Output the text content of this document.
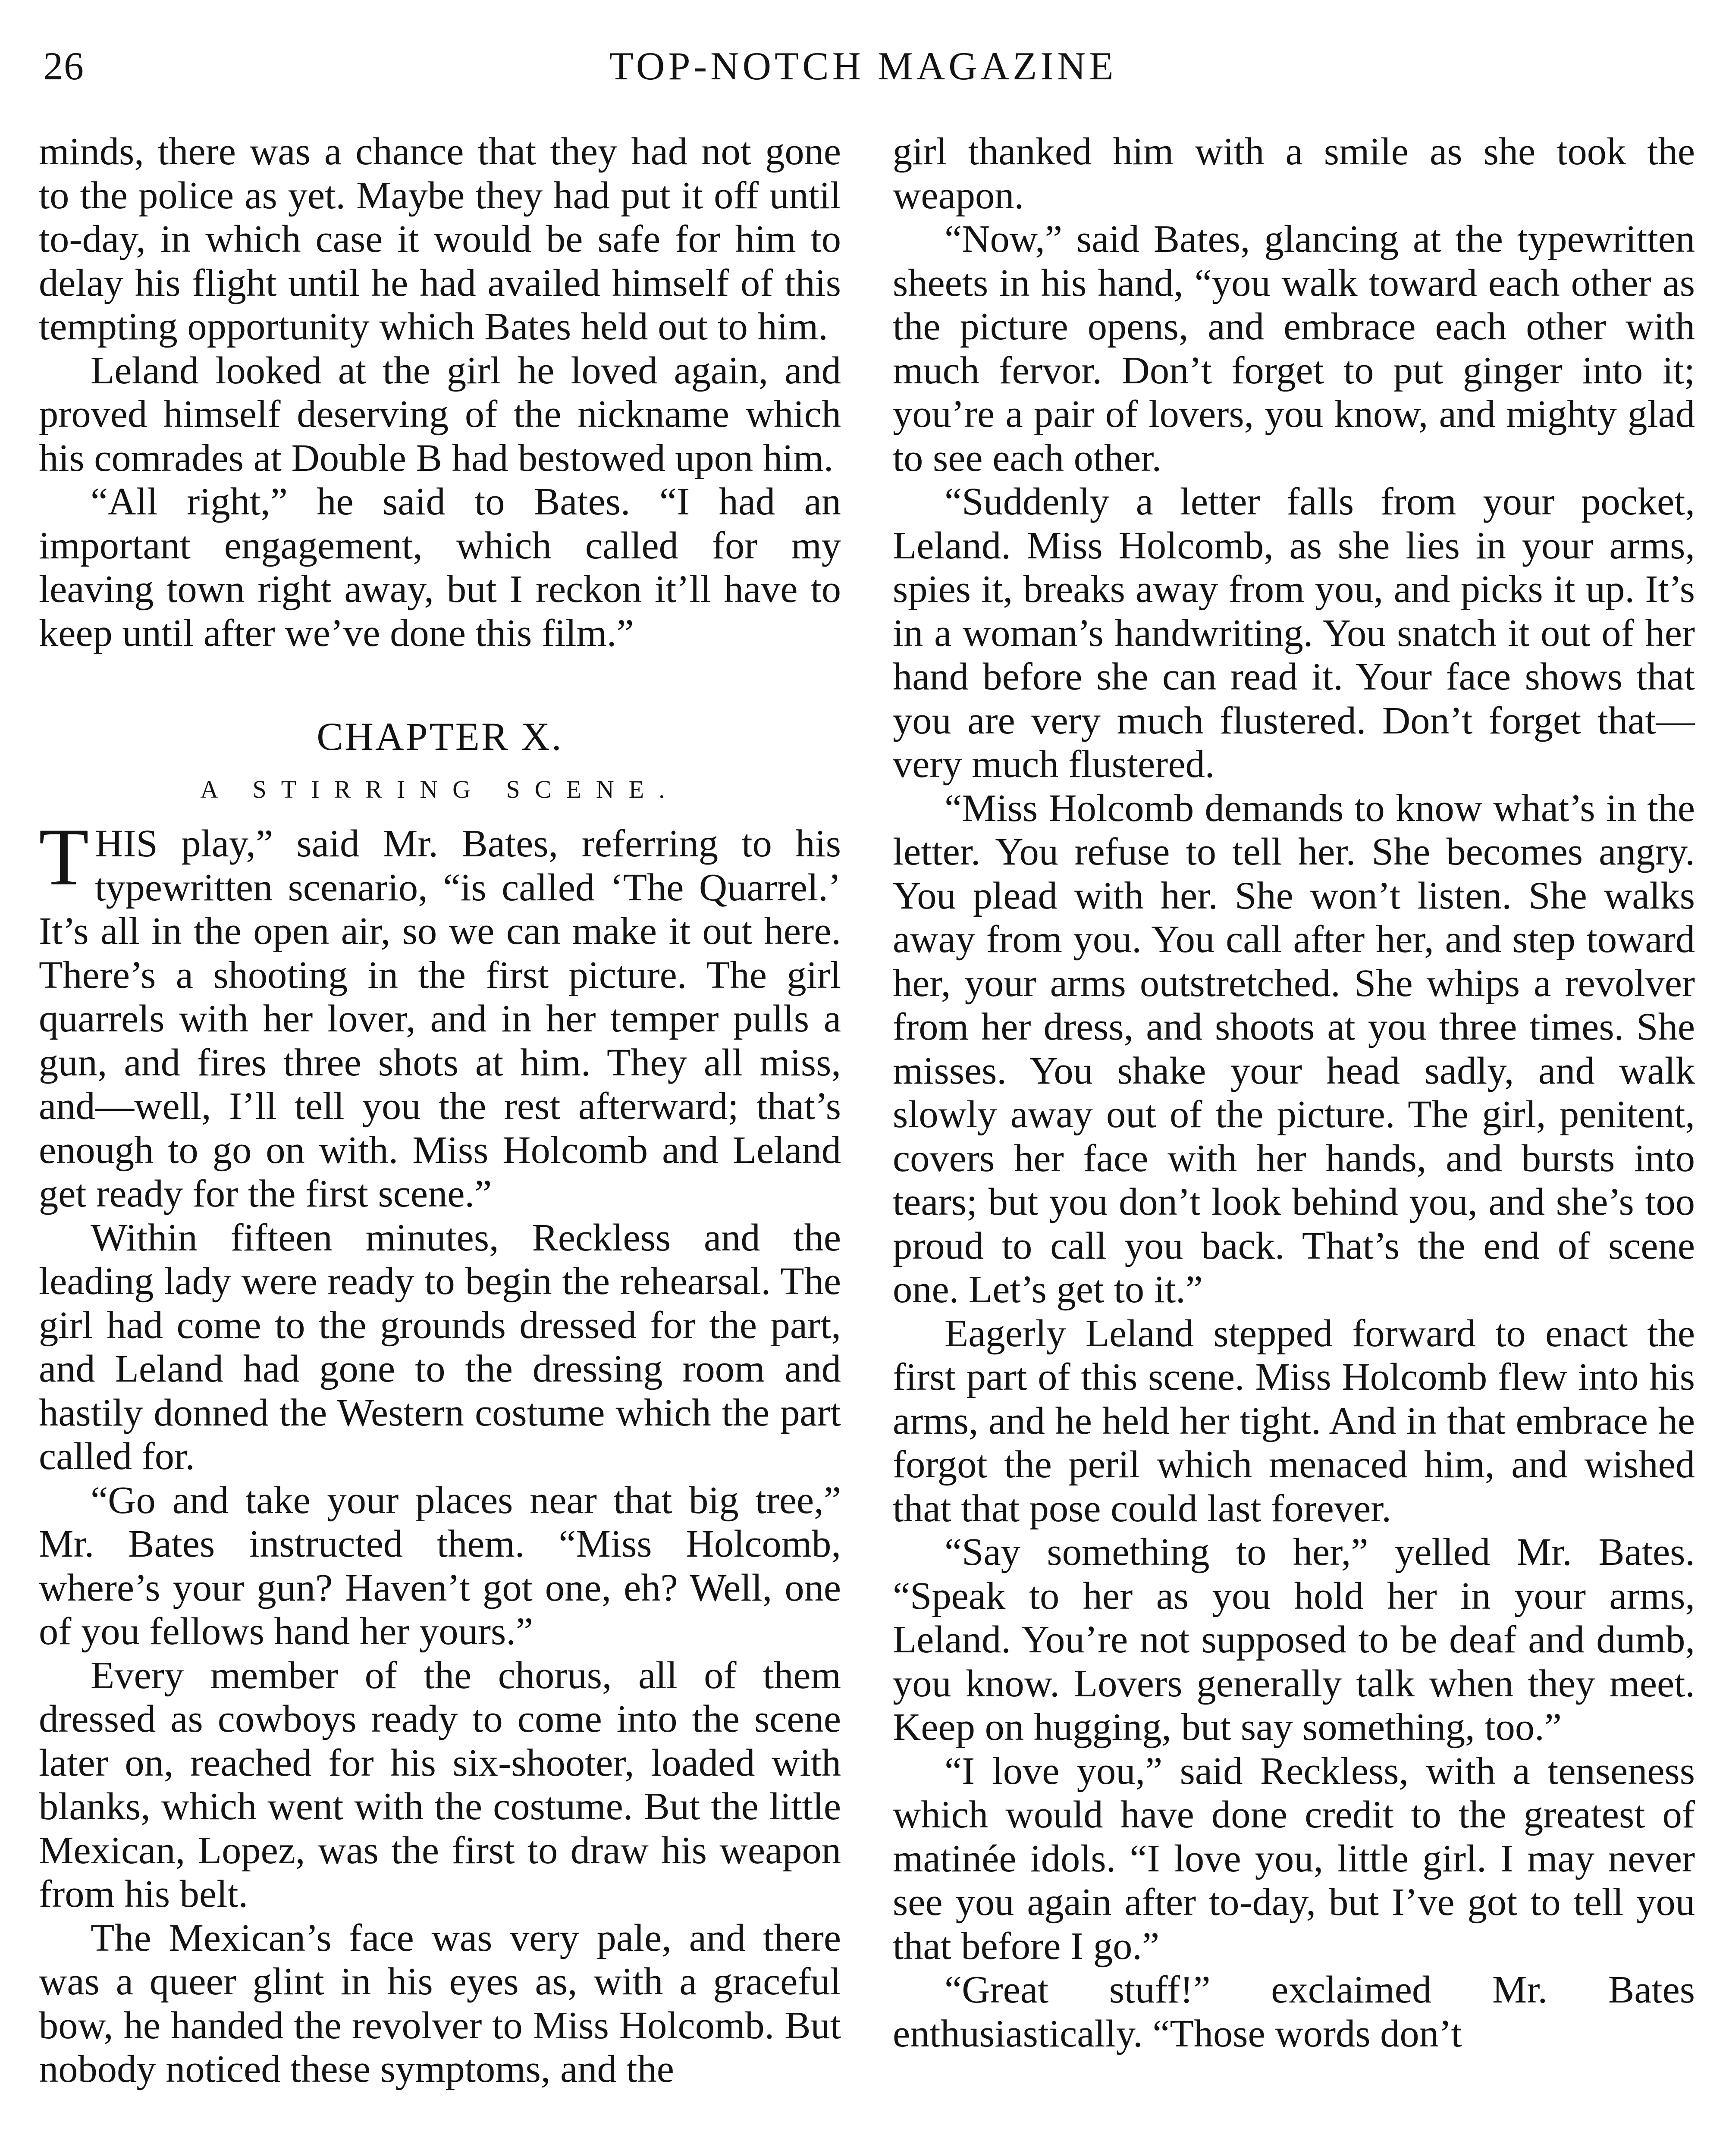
26	TOP-NOTCH MAGAZINE

minds, there was a chance that they had not gone to the police as yet. Maybe they had put it off until to-day, in which case it would be safe for him to delay his flight until he had availed himself of this tempting opportunity which Bates held out to him.

Leland looked at the girl he loved again, and proved himself deserving of the nickname which his comrades at Double B had bestowed upon him.

“All right,” he said to Bates. “I had an important engagement, which called for my leaving town right away, but I reckon it’ll have to keep until after we’ve done this film.”

CHAPTER X.
A STIRRING SCENE.

THIS play,” said Mr. Bates, referring to his typewritten scenario, “is called ‘The Quarrel.’ It’s all in the open air, so we can make it out here. There’s a shooting in the first picture. The girl quarrels with her lover, and in her temper pulls a gun, and fires three shots at him. They all miss, and—well, I’ll tell you the rest afterward; that’s enough to go on with. Miss Holcomb and Leland get ready for the first scene.”

Within fifteen minutes, Reckless and the leading lady were ready to begin the rehearsal. The girl had come to the grounds dressed for the part, and Leland had gone to the dressing room and hastily donned the Western costume which the part called for.

“Go and take your places near that big tree,” Mr. Bates instructed them. “Miss Holcomb, where’s your gun? Haven’t got one, eh? Well, one of you fellows hand her yours.”

Every member of the chorus, all of them dressed as cowboys ready to come into the scene later on, reached for his six-shooter, loaded with blanks, which went with the costume. But the little Mexican, Lopez, was the first to draw his weapon from his belt.

The Mexican’s face was very pale, and there was a queer glint in his eyes as, with a graceful bow, he handed the revolver to Miss Holcomb. But nobody noticed these symptoms, and the

girl thanked him with a smile as she took the weapon.

“Now,” said Bates, glancing at the typewritten sheets in his hand, “you walk toward each other as the picture opens, and embrace each other with much fervor. Don’t forget to put ginger into it; you’re a pair of lovers, you know, and mighty glad to see each other.

“Suddenly a letter falls from your pocket, Leland. Miss Holcomb, as she lies in your arms, spies it, breaks away from you, and picks it up. It’s in a woman’s handwriting. You snatch it out of her hand before she can read it. Your face shows that you are very much flustered. Don’t forget that—very much flustered.

“Miss Holcomb demands to know what’s in the letter. You refuse to tell her. She becomes angry. You plead with her. She won’t listen. She walks away from you. You call after her, and step toward her, your arms outstretched. She whips a revolver from her dress, and shoots at you three times. She misses. You shake your head sadly, and walk slowly away out of the picture. The girl, penitent, covers her face with her hands, and bursts into tears; but you don’t look behind you, and she’s too proud to call you back. That’s the end of scene one. Let’s get to it.”

Eagerly Leland stepped forward to enact the first part of this scene. Miss Holcomb flew into his arms, and he held her tight. And in that embrace he forgot the peril which menaced him, and wished that that pose could last forever.

“Say something to her,” yelled Mr. Bates. “Speak to her as you hold her in your arms, Leland. You’re not supposed to be deaf and dumb, you know. Lovers generally talk when they meet. Keep on hugging, but say something, too.”

“I love you,” said Reckless, with a tenseness which would have done credit to the greatest of matinée idols. “I love you, little girl. I may never see you again after to-day, but I’ve got to tell you that before I go.”

“Great stuff!” exclaimed Mr. Bates enthusiastically. “Those words don’t
